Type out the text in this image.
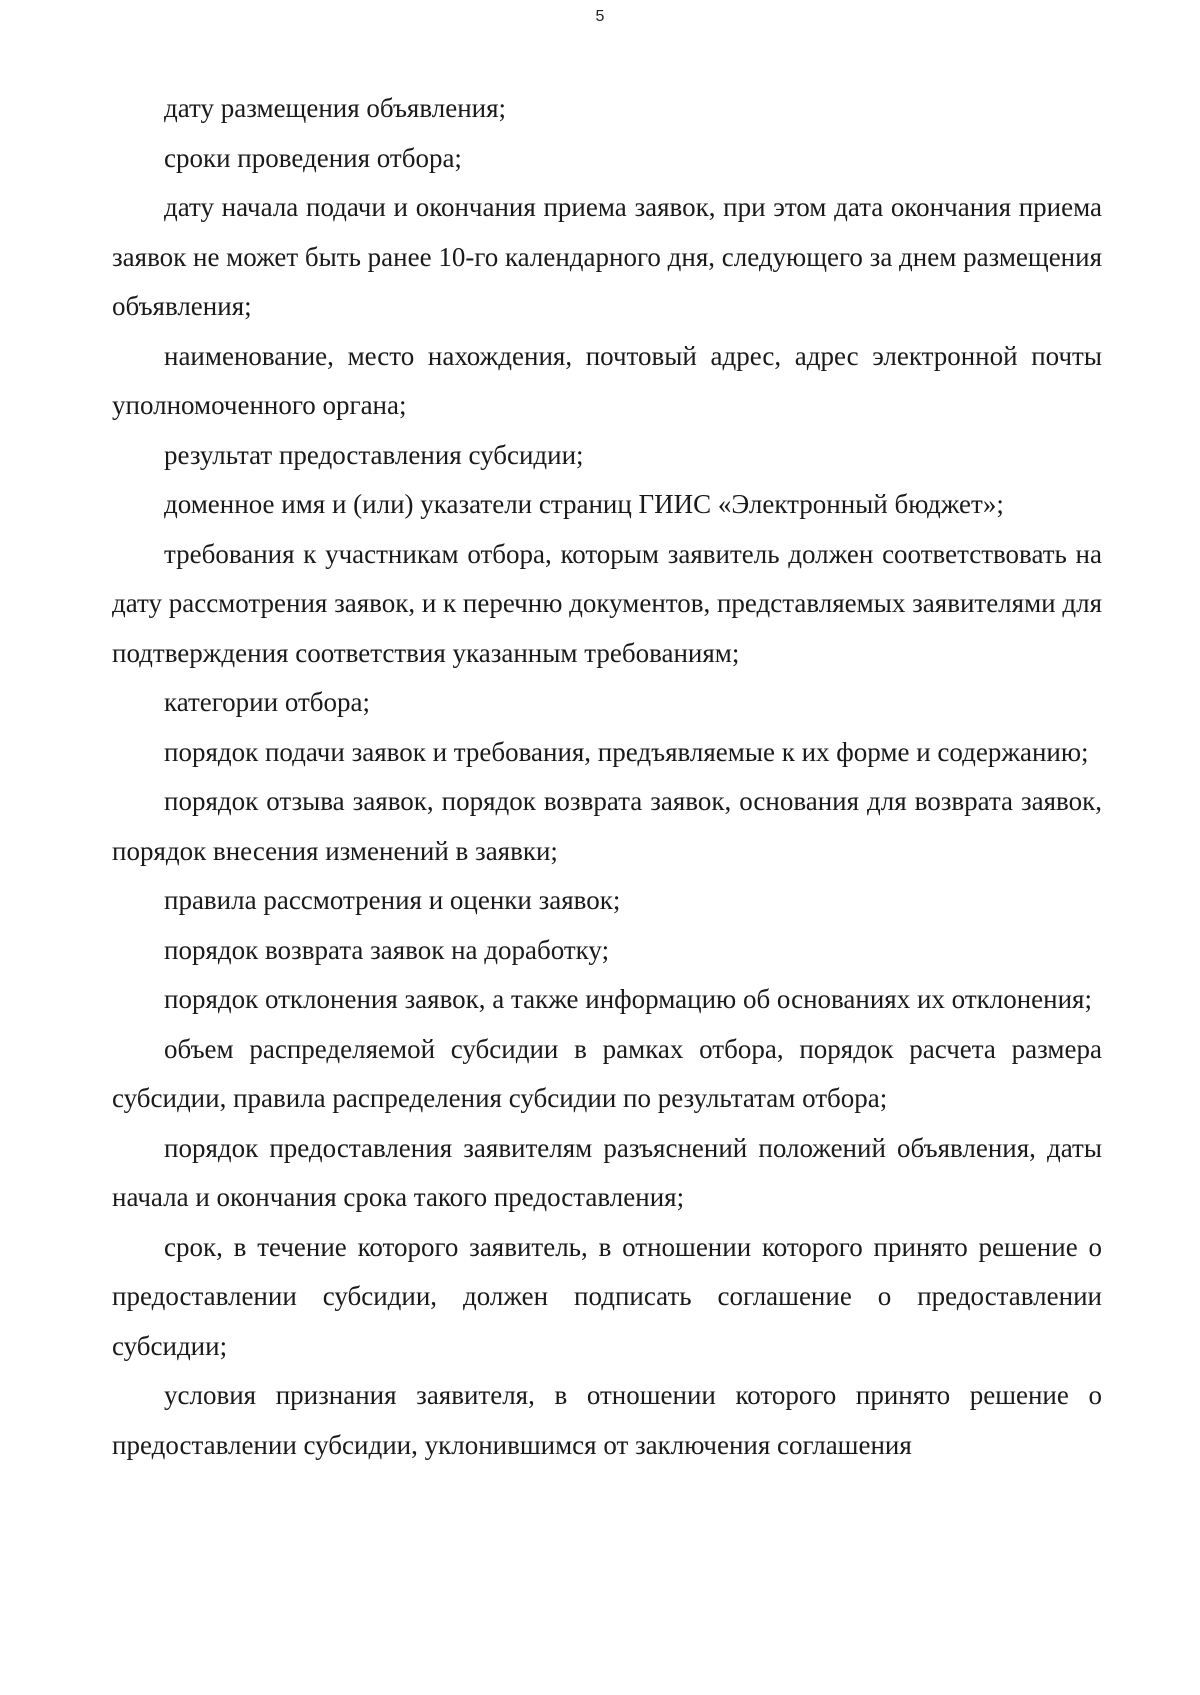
5

дату размещения объявления;

сроки проведения отбора;

дату начала подачи и окончания приема заявок, при этом дата окончания приема заявок не может быть ранее 10-го календарного дня, следующего за днем размещения объявления;

наименование, место нахождения, почтовый адрес, адрес электронной почты уполномоченного органа;

результат предоставления субсидии;

доменное имя и (или) указатели страниц ГИИС «Электронный бюджет»;

требования к участникам отбора, которым заявитель должен соответствовать на дату рассмотрения заявок, и к перечню документов, представляемых заявителями для подтверждения соответствия указанным требованиям;

категории отбора;

порядок подачи заявок и требования, предъявляемые к их форме и содержанию;

порядок отзыва заявок, порядок возврата заявок, основания для возврата заявок, порядок внесения изменений в заявки;

правила рассмотрения и оценки заявок;

порядок возврата заявок на доработку;

порядок отклонения заявок, а также информацию об основаниях их отклонения;

объем распределяемой субсидии в рамках отбора, порядок расчета размера субсидии, правила распределения субсидии по результатам отбора;

порядок предоставления заявителям разъяснений положений объявления, даты начала и окончания срока такого предоставления;

срок, в течение которого заявитель, в отношении которого принято решение о предоставлении субсидии, должен подписать соглашение о предоставлении субсидии;

условия признания заявителя, в отношении которого принято решение о предоставлении субсидии, уклонившимся от заключения соглашения
